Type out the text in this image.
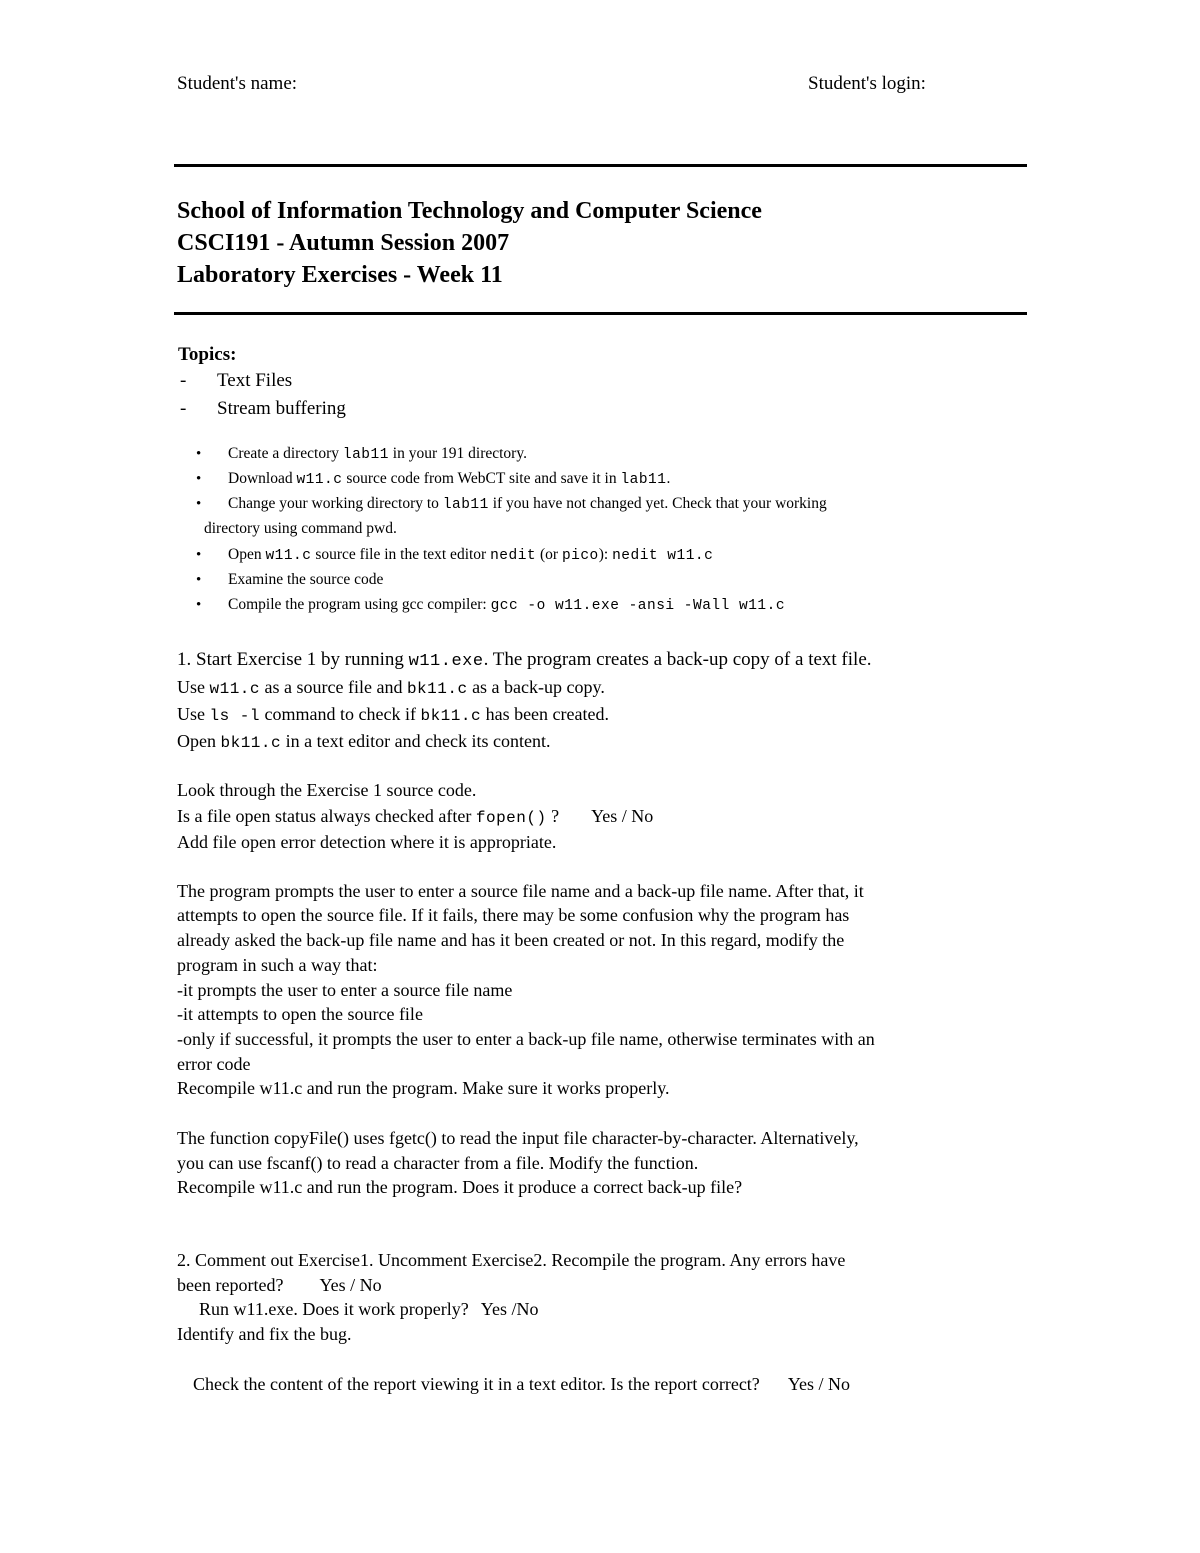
Student's name:	Student's login:
School of Information Technology and Computer Science
CSCI191 - Autumn Session 2007
Laboratory Exercises - Week 11
Topics:
- Text Files
- Stream buffering
• Create a directory lab11 in your 191 directory.
• Download w11.c source code from WebCT site and save it in lab11.
• Change your working directory to lab11 if you have not changed yet. Check that your working
directory using command pwd.
• Open w11.c source file in the text editor nedit (or pico): nedit w11.c
• Examine the source code
• Compile the program using gcc compiler: gcc -o w11.exe -ansi -Wall w11.c
1. Start Exercise 1 by running w11.exe. The program creates a back-up copy of a text file.
Use w11.c as a source file and bk11.c as a back-up copy.
Use ls -l command to check if bk11.c has been created.
Open bk11.c in a text editor and check its content.
Look through the Exercise 1 source code.
Is a file open status always checked after fopen() ? Yes / No
Add file open error detection where it is appropriate.
The program prompts the user to enter a source file name and a back-up file name. After that, it
attempts to open the source file. If it fails, there may be some confusion why the program has
already asked the back-up file name and has it been created or not. In this regard, modify the
program in such a way that:
-it prompts the user to enter a source file name
-it attempts to open the source file
-only if successful, it prompts the user to enter a back-up file name, otherwise terminates with an
error code
Recompile w11.c and run the program. Make sure it works properly.
The function copyFile() uses fgetc() to read the input file character-by-character. Alternatively,
you can use fscanf() to read a character from a file. Modify the function.
Recompile w11.c and run the program. Does it produce a correct back-up file?
2. Comment out Exercise1. Uncomment Exercise2. Recompile the program. Any errors have
been reported? Yes / No
Run w11.exe. Does it work properly? Yes /No
Identify and fix the bug.
Check the content of the report viewing it in a text editor. Is the report correct? Yes / No
